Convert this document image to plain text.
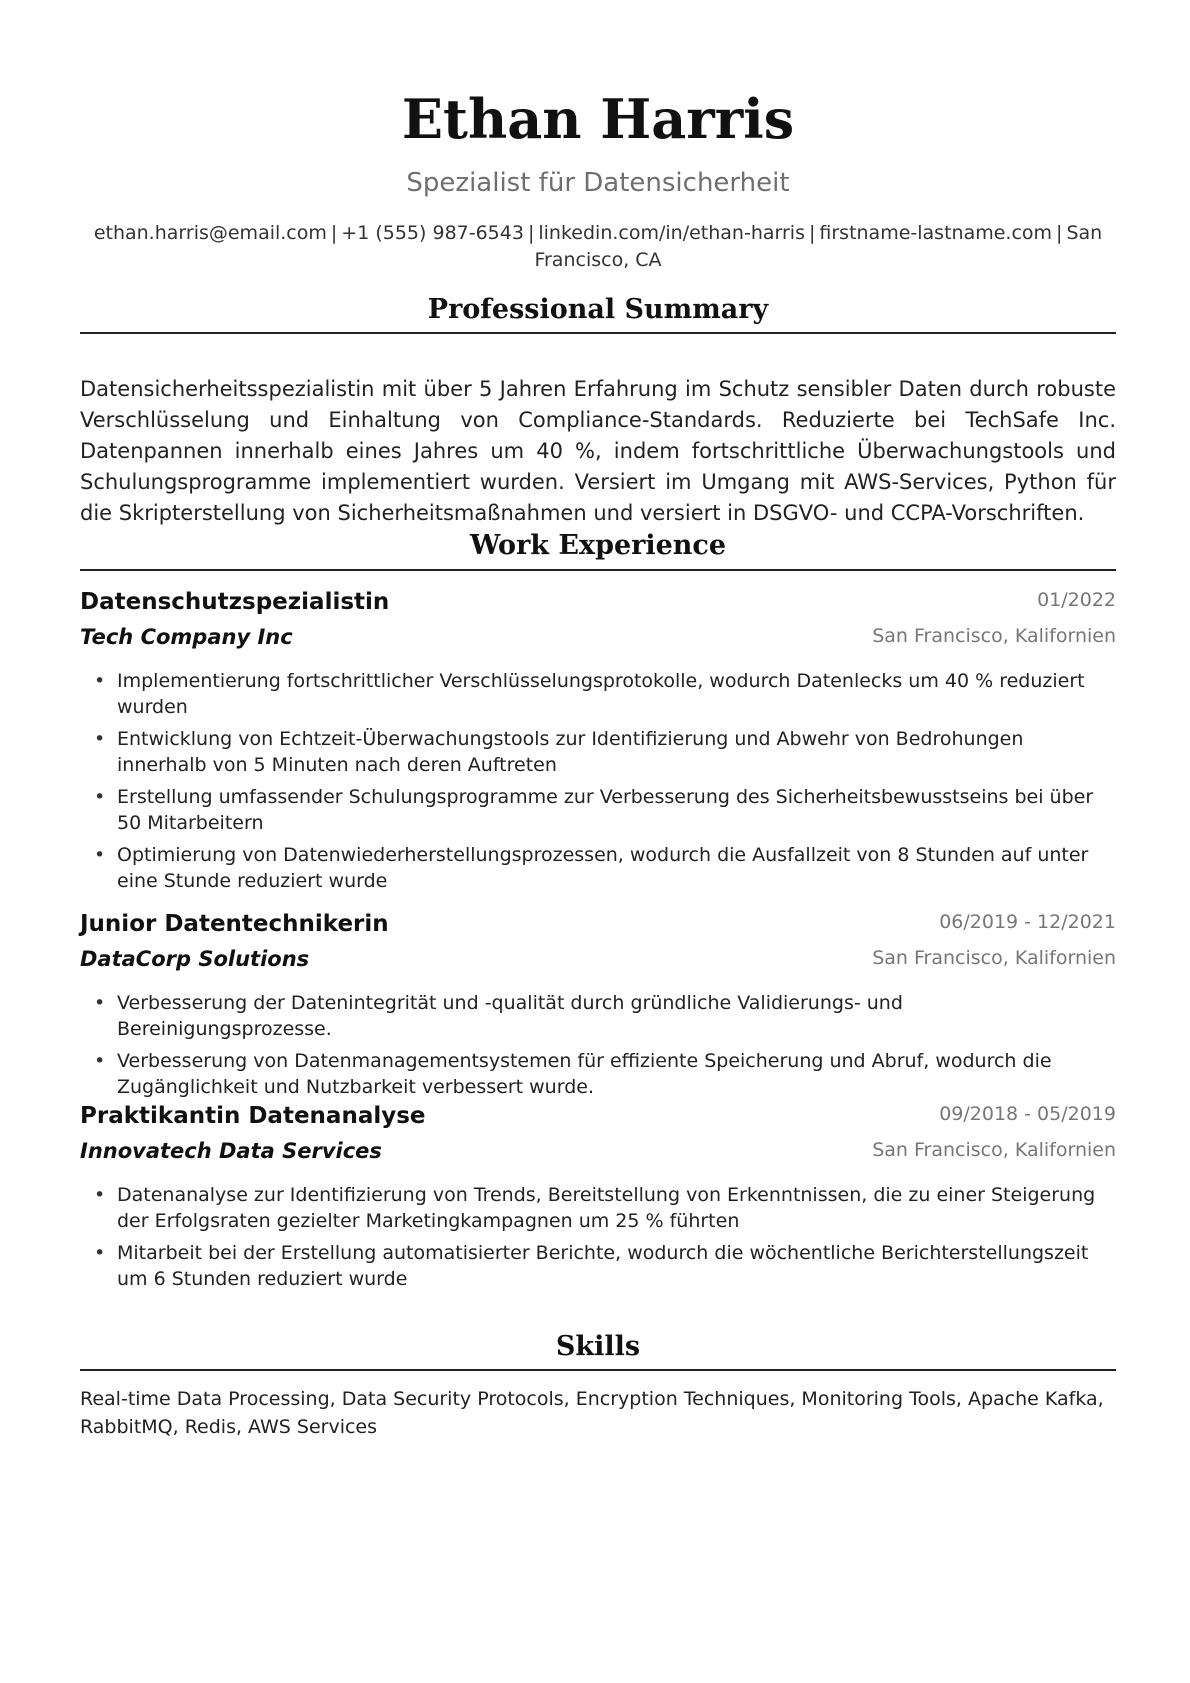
Ethan Harris
Spezialist für Datensicherheit
ethan.harris@email.com | +1 (555) 987-6543 | linkedin.com/in/ethan-harris | firstname-lastname.com | San Francisco, CA
Professional Summary

Datensicherheitsspezialistin mit über 5 Jahren Erfahrung im Schutz sensibler Daten durch robuste Verschlüsselung und Einhaltung von Compliance-Standards. Reduzierte bei TechSafe Inc. Datenpannen innerhalb eines Jahres um 40 %, indem fortschrittliche Überwachungstools und Schulungsprogramme implementiert wurden. Versiert im Umgang mit AWS-Services, Python für die Skripterstellung von Sicherheitsmaßnahmen und versiert in DSGVO- und CCPA-Vorschriften.

Work Experience
Datenschutzspezialistin	01/2022
Tech Company Inc	San Francisco, Kalifornien
• Implementierung fortschrittlicher Verschlüsselungsprotokolle, wodurch Datenlecks um 40 % reduziert wurden
• Entwicklung von Echtzeit-Überwachungstools zur Identifizierung und Abwehr von Bedrohungen innerhalb von 5 Minuten nach deren Auftreten
• Erstellung umfassender Schulungsprogramme zur Verbesserung des Sicherheitsbewusstseins bei über 50 Mitarbeitern
• Optimierung von Datenwiederherstellungsprozessen, wodurch die Ausfallzeit von 8 Stunden auf unter eine Stunde reduziert wurde
Junior Datentechnikerin	06/2019 - 12/2021
DataCorp Solutions	San Francisco, Kalifornien
• Verbesserung der Datenintegrität und -qualität durch gründliche Validierungs- und Bereinigungsprozesse.
• Verbesserung von Datenmanagementsystemen für effiziente Speicherung und Abruf, wodurch die Zugänglichkeit und Nutzbarkeit verbessert wurde.
Praktikantin Datenanalyse	09/2018 - 05/2019
Innovatech Data Services	San Francisco, Kalifornien
• Datenanalyse zur Identifizierung von Trends, Bereitstellung von Erkenntnissen, die zu einer Steigerung der Erfolgsraten gezielter Marketingkampagnen um 25 % führten
• Mitarbeit bei der Erstellung automatisierter Berichte, wodurch die wöchentliche Berichterstellungszeit um 6 Stunden reduziert wurde
Skills

Real-time Data Processing, Data Security Protocols, Encryption Techniques, Monitoring Tools, Apache Kafka, RabbitMQ, Redis, AWS Services
